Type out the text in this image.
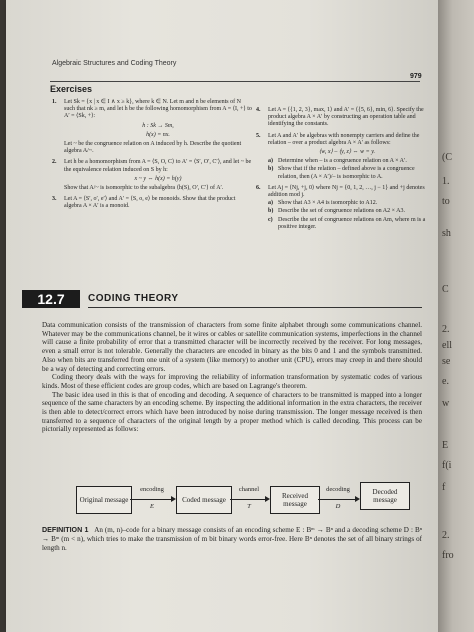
Algebraic Structures and Coding Theory
979
Exercises
1. Let Sk = {x | x ∈ I ∧ x ≥ k}, where k ∈ N. Let m and n be elements of N such that nk ≥ m, and let h be the following homomorphism from A = ⟨I, +⟩ to A′ = ⟨Sk, +⟩:
h : Sk → Sm,
h(x) = nx.
Let ~ be the congruence relation on A induced by h. Describe the quotient algebra A/~.
2. Let h be a homomorphism from A = ⟨S, O, C⟩ to A′ = ⟨S′, O′, C′⟩, and let ~ be the equivalence relation induced on S by h:
x ~ y ⇔ h(x) = h(y)
Show that A/~ is isomorphic to the subalgebra ⟨h(S), O′, C′⟩ of A′.
3. Let A = ⟨S′, o′, e′⟩ and A′ = ⟨S, o, e⟩ be monoids. Show that the product algebra A × A′ is a monoid.
4. Let A = ⟨{1, 2, 3}, max, 1⟩ and A′ = ⟨{5, 6}, min, 6⟩. Specify the product algebra A × A′ by constructing an operation table and identifying the constants.
5. Let A and A′ be algebras with nonempty carriers and define the relation – over a product algebra A × A′ as follows:
⟨w, x⟩ – ⟨y, z⟩ ⇔ w = y.
a) Determine when – is a congruence relation on A × A′.
b) Show that if the relation – defined above is a congruence relation, then (A × A′)/– is isomorphic to A.
6. Let Aj = ⟨Nj, +j, 0⟩ where Nj = {0, 1, 2, …, j − 1} and +j denotes addition mod j.
a) Show that A3 × A4 is isomorphic to A12.
b) Describe the set of congruence relations on A2 × A3.
c) Describe the set of congruence relations on Am, where m is a positive integer.
12.7	CODING THEORY

Data communication consists of the transmission of characters from some finite alphabet through some communications channel. Whatever may be the communications channel, be it wires or cables or satellite communication systems, imperfections in the channel will cause a finite probability of error that a transmitted character will be incorrectly received by the receiver. For long messages, even a small error is not tolerable. Generally the characters are encoded in binary as the bits 0 and 1 and the symbols transmitted. Also when bits are transferred from one unit of a system (like memory) to another unit (CPU), errors may creep in and there should be a way of detecting and correcting errors.

Coding theory deals with the ways for improving the reliability of information transformation by systematic codes of various kinds. Most of these efficient codes are group codes, which are based on Lagrange's theorem.

The basic idea used in this is that of encoding and decoding. A sequence of characters to be transmitted is mapped into a longer sequence of the same characters by an encoding scheme. By inspecting the additional information in the extra characters, the receiver is then able to detect/correct errors which have been introduced by noise during transmission. The longer message received is then transferred to a sequence of characters of the original length by a proper method which is called decoding. This process can be pictorially represented as follows:

Original message
encoding
E
Coded message
channel
T
Received message
decoding
D
Decoded message
DEFINITION 1 An (m, n)–code for a binary message consists of an encoding scheme E : Bᵐ → Bⁿ and a decoding scheme D : Bⁿ → Bᵐ (m < n), which tries to make the transmission of m bit binary words error-free. Here Bⁿ denotes the set of all binary strings of length n.
(C
1.
to
sh
C
2.
ell
se
e.
w
E
f(i
f
2.
fro
